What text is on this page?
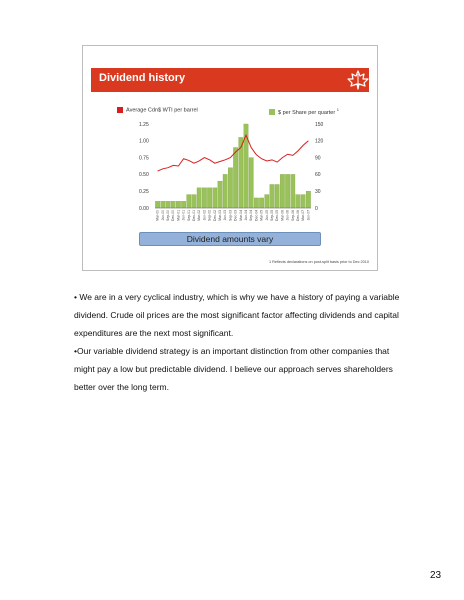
Dividend history
Average Cdn$ WTI per barrel	$ per Share per quarter $^1$
0.00
0.25
0.50
0.75
1.00
1.25
0
30
60
90
120
150
Mar-00 Jun-00 Sep-00 Dec-00 Mar-01 Jun-01 Sep-01 Dec-01 Mar-02 Jun-02 Sep-02 Dec-02 Mar-03 Jun-03 Sep-03 Dec-03 Mar-04 Jun-04 Sep-04 Dec-04 Mar-05 Jun-05 Sep-05 Dec-05 Mar-06 Jun-06 Sep-06 Dec-06 Mar-07 Jun-07
Dividend amounts vary
1 Reflects declarations on post-split basis prior to Dec 2010

• We are in a very cyclical industry, which is why we have a history of paying a variable dividend. Crude oil prices are the most significant factor affecting dividends and capital expenditures are the next most significant.

•Our variable dividend strategy is an important distinction from other companies that might pay a low but predictable dividend. I believe our approach serves shareholders better over the long term.

23
